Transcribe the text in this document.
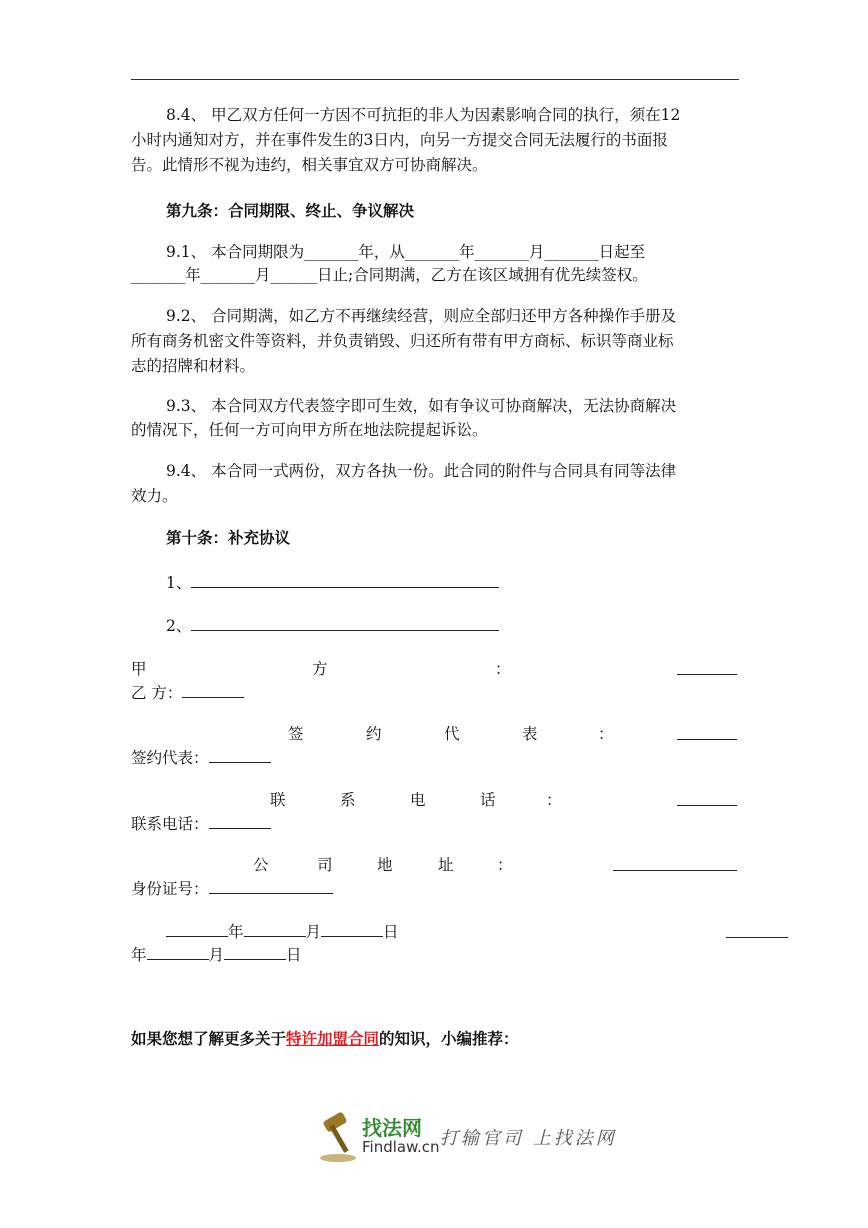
8.4、 甲乙双方任何一方因不可抗拒的非人为因素影响合同的执行，须在12
小时内通知对方，并在事件发生的3日内，向另一方提交合同无法履行的书面报
告。此情形不视为违约，相关事宜双方可协商解决。
第九条：合同期限、终止、争议解决
9.1、 本合同期限为_______年，从_______年_______月_______日起至
_______年_______月______日止;合同期满，乙方在该区域拥有优先续签权。
9.2、 合同期满，如乙方不再继续经营，则应全部归还甲方各种操作手册及
所有商务机密文件等资料，并负责销毁、归还所有带有甲方商标、标识等商业标
志的招牌和材料。
9.3、 本合同双方代表签字即可生效，如有争议可协商解决，无法协商解决
的情况下，任何一方可向甲方所在地法院提起诉讼。
9.4、 本合同一式两份，双方各执一份。此合同的附件与合同具有同等法律
效力。
第十条：补充协议
1、
2、
甲	方	：
乙 方：
签	约	代	表	：
签约代表：
联	系	电	话	：
联系电话：
公	司	地	址	：
身份证号：
年	月	日
年	月	日
如果您想了解更多关于特许加盟合同的知识，小编推荐：
找法网
Findlaw.cn 打输官司 上找法网
